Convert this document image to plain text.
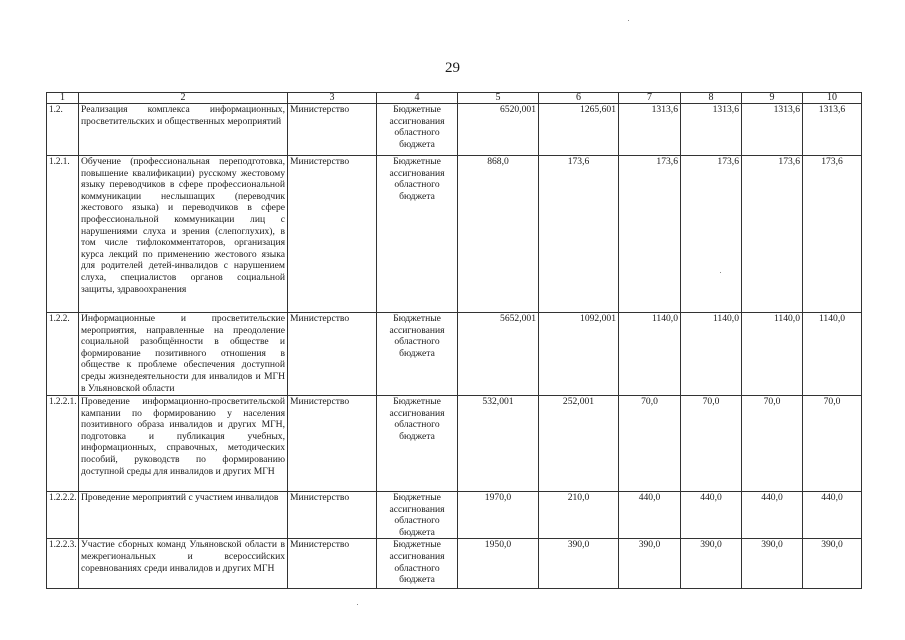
29
1	2	3	4	5	6	7	8	9	10
1.2.	Реализация комплекса информационных, просветительских и общественных мероприятий	Министерство	Бюджетные ассигнования областного бюджета	6520,001	1265,601	1313,6	1313,6	1313,6	1313,6
1.2.1.	Обучение (профессиональная переподготовка, повышение квалификации) русскому жестовому языку переводчиков в сфере профессиональной коммуникации неслышащих (переводчик жестового языка) и переводчиков в сфере профессиональной коммуникации лиц с нарушениями слуха и зрения (слепоглухих), в том числе тифлокомментаторов, организация курса лекций по применению жестового языка для родителей детей-инвалидов с нарушением слуха, специалистов органов социальной защиты, здравоохранения	Министерство	Бюджетные ассигнования областного бюджета	868,0	173,6	173,6	173,6	173,6	173,6
1.2.2.	Информационные и просветительские мероприятия, направленные на преодоление социальной разобщённости в обществе и формирование позитивного отношения в обществе к проблеме обеспечения доступной среды жизнедеятельности для инвалидов и МГН в Ульяновской области	Министерство	Бюджетные ассигнования областного бюджета	5652,001	1092,001	1140,0	1140,0	1140,0	1140,0
1.2.2.1.	Проведение информационно-просветительской кампании по формированию у населения позитивного образа инвалидов и других МГН, подготовка и публикация учебных, информационных, справочных, методических пособий, руководств по формированию доступной среды для инвалидов и других МГН	Министерство	Бюджетные ассигнования областного бюджета	532,001	252,001	70,0	70,0	70,0	70,0
1.2.2.2.	Проведение мероприятий с участием инвалидов	Министерство	Бюджетные ассигнования областного бюджета	1970,0	210,0	440,0	440,0	440,0	440,0
1.2.2.3.	Участие сборных команд Ульяновской области в межрегиональных и всероссийских соревнованиях среди инвалидов и других МГН	Министерство	Бюджетные ассигнования областного бюджета	1950,0	390,0	390,0	390,0	390,0	390,0
